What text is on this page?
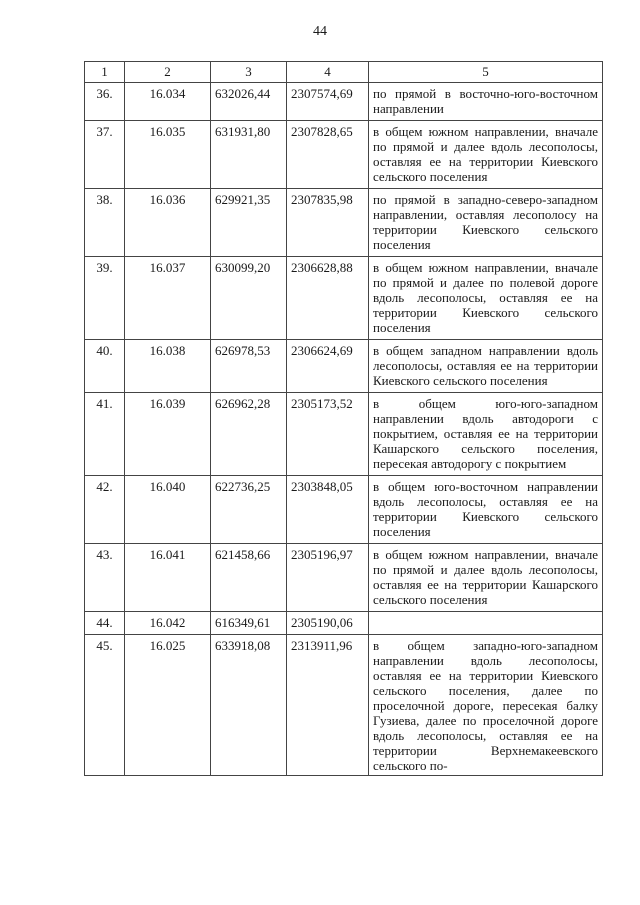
44
1	2	3	4	5
36.	16.034	632026,44	2307574,69	по прямой в восточно-юго-восточном направлении
37.	16.035	631931,80	2307828,65	в общем южном направлении, вначале по прямой и далее вдоль лесополосы, оставляя ее на территории Киевского сельского поселения
38.	16.036	629921,35	2307835,98	по прямой в западно-северо-западном направлении, оставляя лесополосу на территории Киевского сельского поселения
39.	16.037	630099,20	2306628,88	в общем южном направлении, вначале по прямой и далее по полевой дороге вдоль лесополосы, оставляя ее на территории Киевского сельского поселения
40.	16.038	626978,53	2306624,69	в общем западном направлении вдоль лесополосы, оставляя ее на территории Киевского сельского поселения
41.	16.039	626962,28	2305173,52	в общем юго-юго-западном направлении вдоль автодороги с покрытием, оставляя ее на территории Кашарского сельского поселения, пересекая автодорогу с покрытием
42.	16.040	622736,25	2303848,05	в общем юго-восточном направлении вдоль лесополосы, оставляя ее на территории Киевского сельского поселения
43.	16.041	621458,66	2305196,97	в общем южном направлении, вначале по прямой и далее вдоль лесополосы, оставляя ее на территории Кашарского сельского поселения
44.	16.042	616349,61	2305190,06	
45.	16.025	633918,08	2313911,96	в общем западно-юго-западном направлении вдоль лесополосы, оставляя ее на территории Киевского сельского поселения, далее по проселочной дороге, пересекая балку Гузиева, далее по проселочной дороге вдоль лесополосы, оставляя ее на территории Верхнемакеевского сельского по-
